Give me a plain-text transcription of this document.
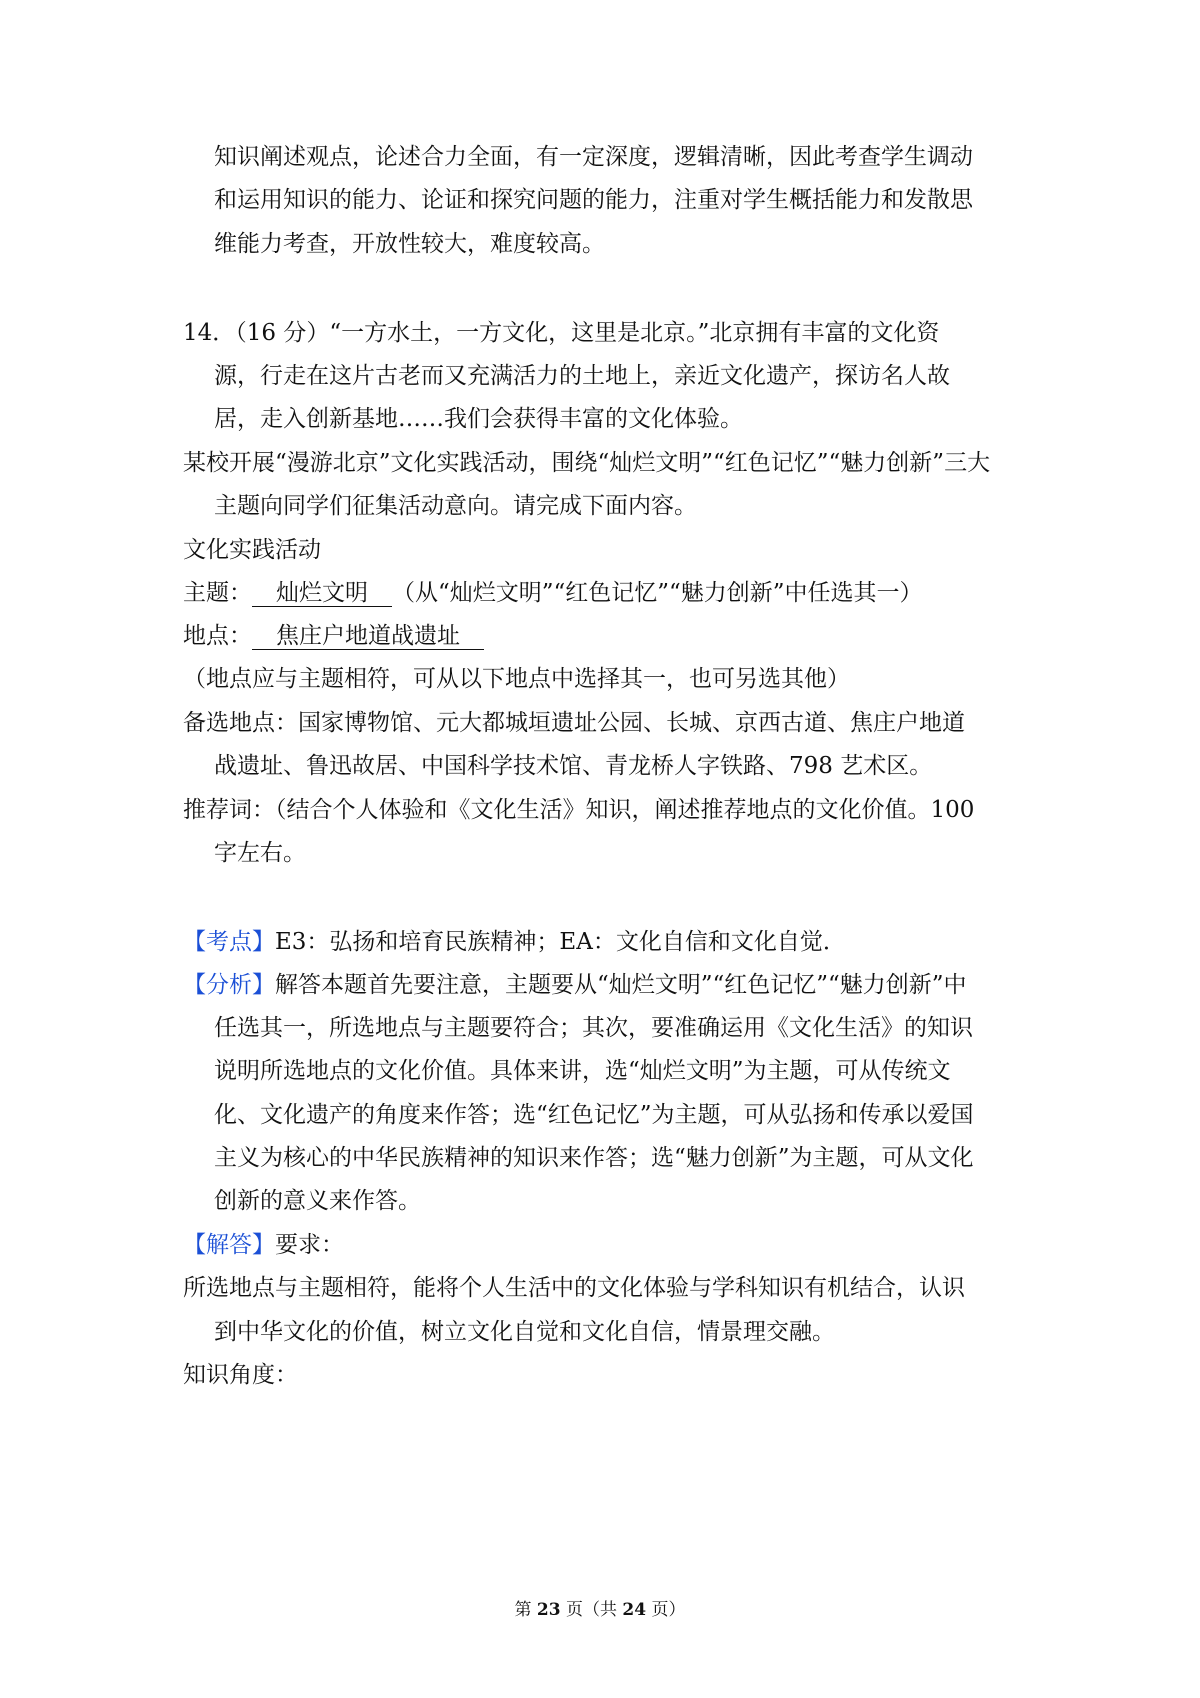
知识阐述观点，论述合力全面，有一定深度，逻辑清晰，因此考查学生调动
和运用知识的能力、论证和探究问题的能力，注重对学生概括能力和发散思
维能力考查，开放性较大，难度较高。
14．（16 分）“一方水土，一方文化，这里是北京。”北京拥有丰富的文化资
源，行走在这片古老而又充满活力的土地上，亲近文化遗产，探访名人故
居，走入创新基地……我们会获得丰富的文化体验。
某校开展“漫游北京”文化实践活动，围绕“灿烂文明”“红色记忆”“魅力创新”三大
主题向同学们征集活动意向。请完成下面内容。
文化实践活动
主题： 灿烂文明 （从“灿烂文明”“红色记忆”“魅力创新”中任选其一）
地点： 焦庄户地道战遗址
（地点应与主题相符，可从以下地点中选择其一，也可另选其他）
备选地点：国家博物馆、元大都城垣遗址公园、长城、京西古道、焦庄户地道
战遗址、鲁迅故居、中国科学技术馆、青龙桥人字铁路、798 艺术区。
推荐词：（结合个人体验和《文化生活》知识，阐述推荐地点的文化价值。100
字左右。
【考点】E3：弘扬和培育民族精神；EA：文化自信和文化自觉．
【分析】解答本题首先要注意，主题要从“灿烂文明”“红色记忆”“魅力创新”中
任选其一，所选地点与主题要符合；其次，要准确运用《文化生活》的知识
说明所选地点的文化价值。具体来讲，选“灿烂文明”为主题，可从传统文
化、文化遗产的角度来作答；选“红色记忆”为主题，可从弘扬和传承以爱国
主义为核心的中华民族精神的知识来作答；选“魅力创新”为主题，可从文化
创新的意义来作答。
【解答】要求：
所选地点与主题相符，能将个人生活中的文化体验与学科知识有机结合，认识
到中华文化的价值，树立文化自觉和文化自信，情景理交融。
知识角度：
第 23 页（共 24 页）
